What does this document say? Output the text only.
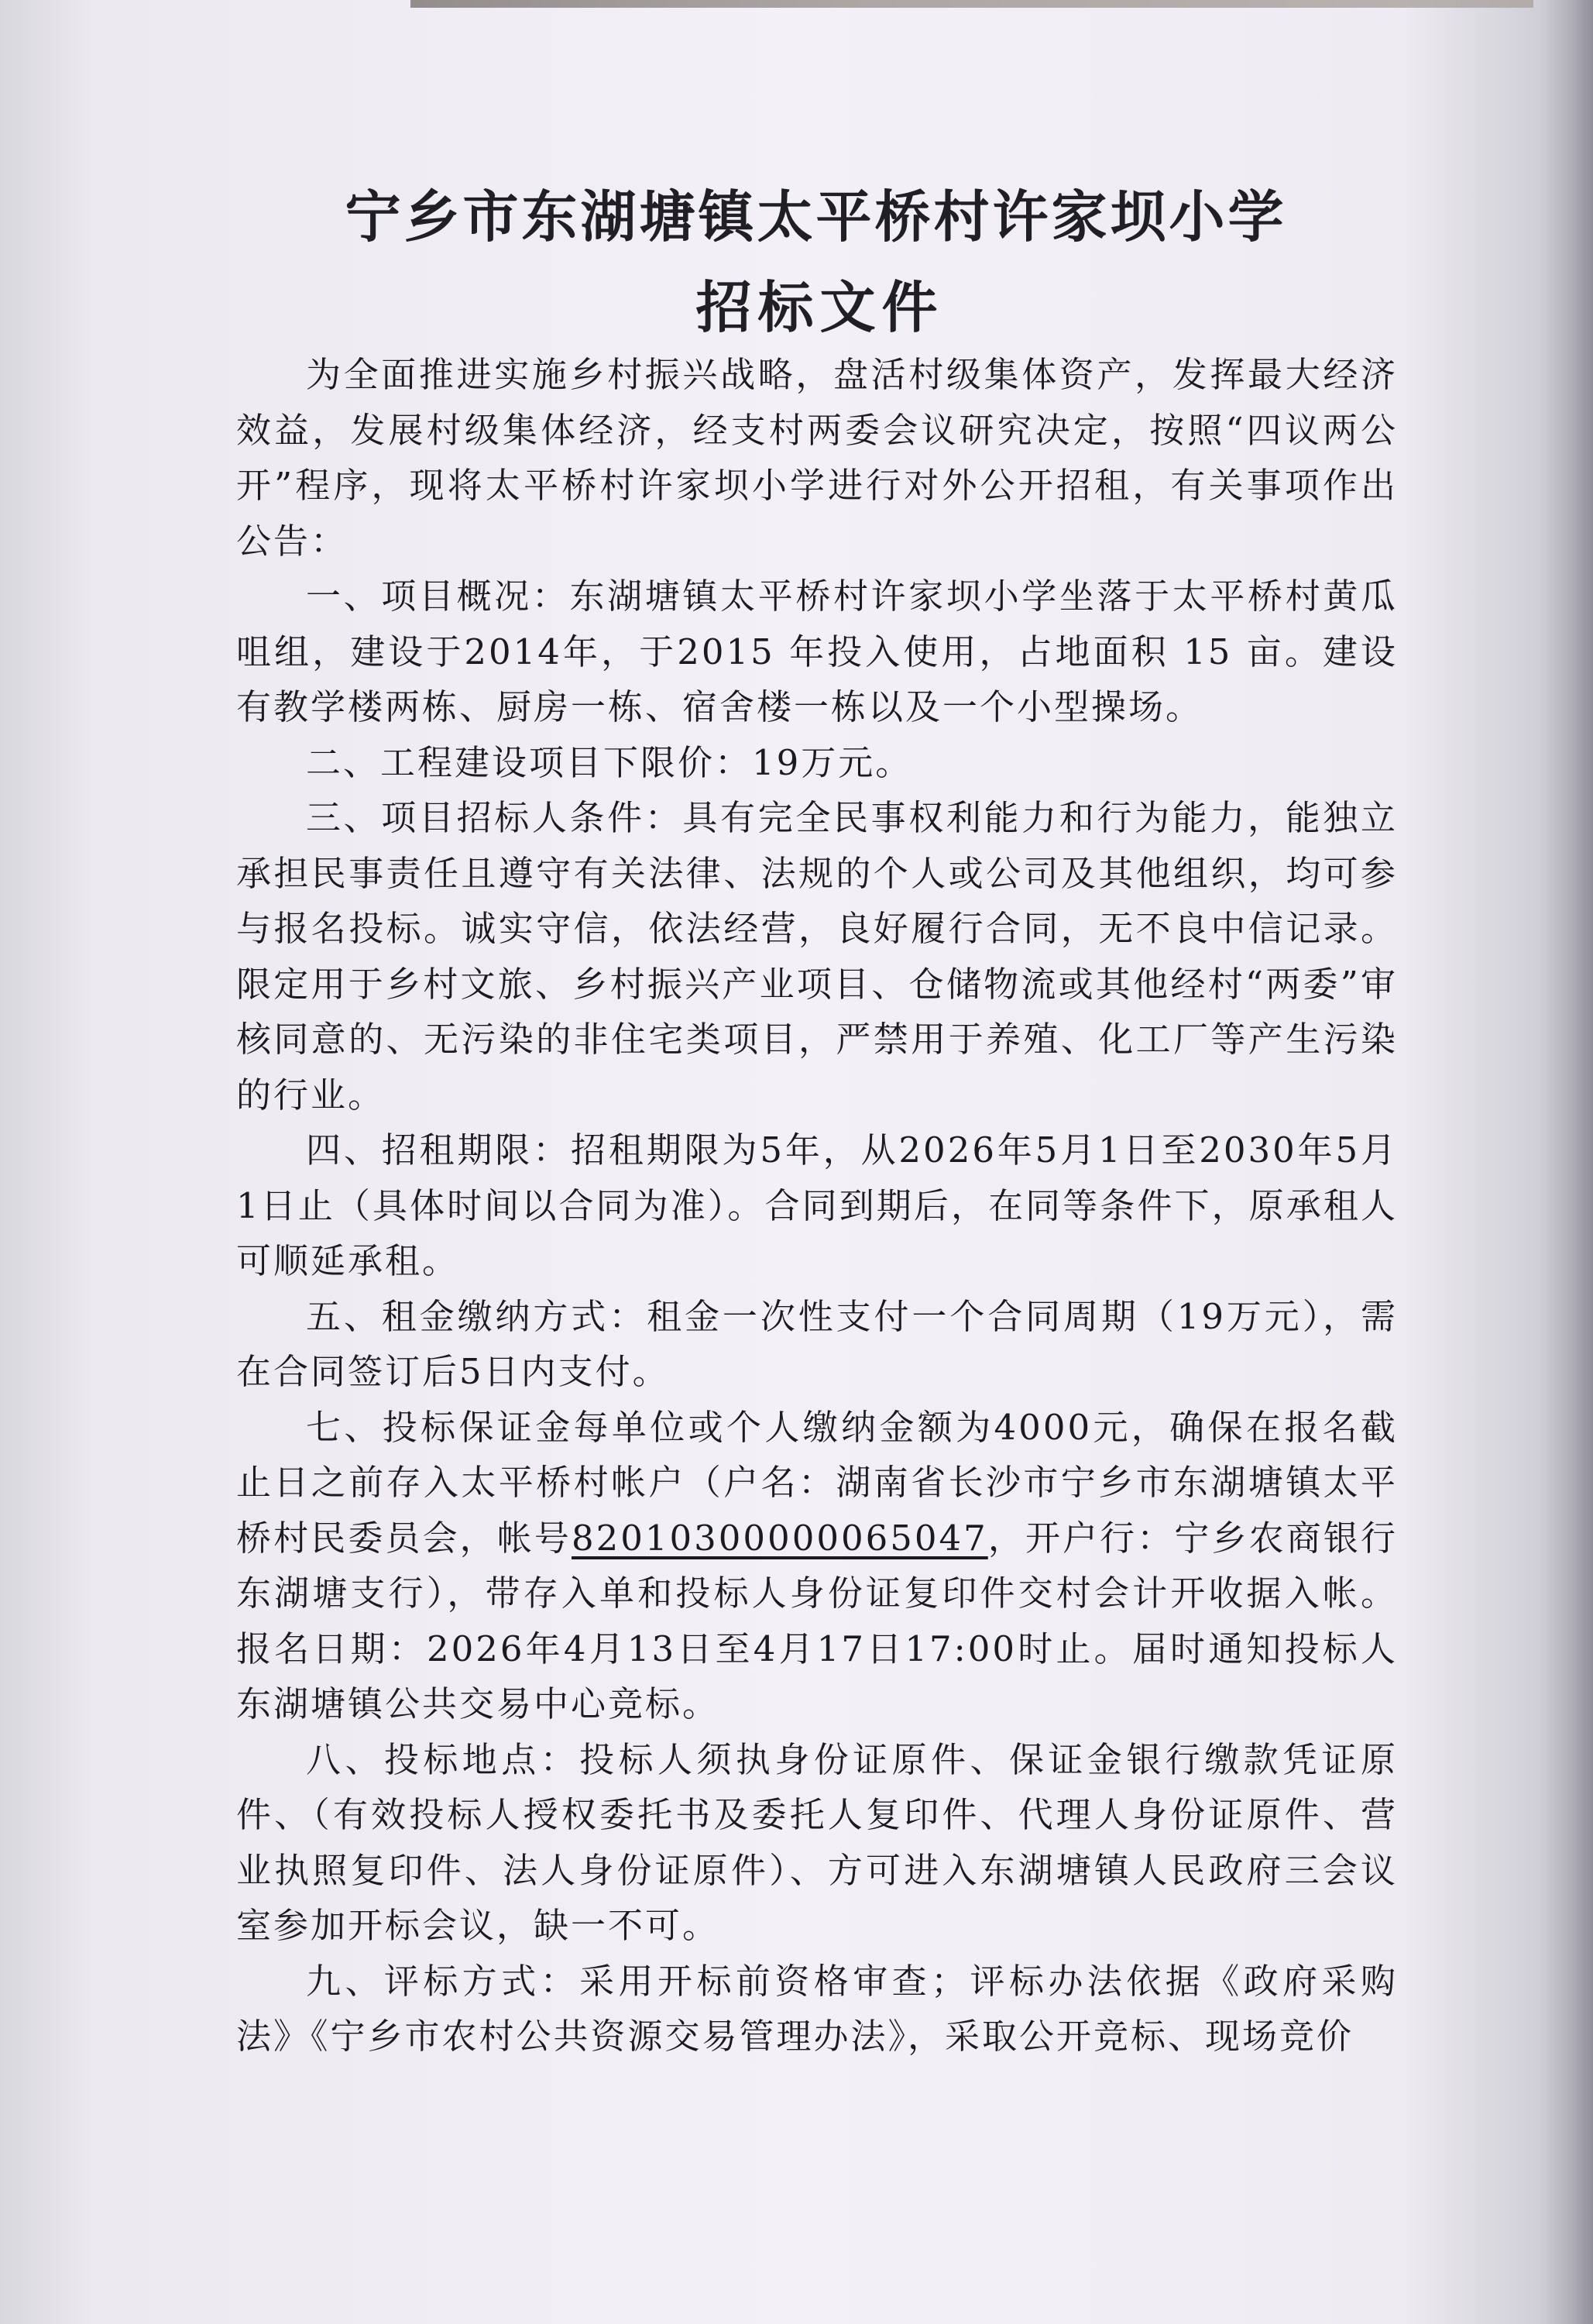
宁乡市东湖塘镇太平桥村许家坝小学
招标文件

为全面推进实施乡村振兴战略，盘活村级集体资产，发挥最大经济效益，发展村级集体经济，经支村两委会议研究决定，按照“四议两公开”程序，现将太平桥村许家坝小学进行对外公开招租，有关事项作出公告：

一、项目概况：东湖塘镇太平桥村许家坝小学坐落于太平桥村黄瓜咀组，建设于2014年，于2015 年投入使用，占地面积 15 亩。建设有教学楼两栋、厨房一栋、宿舍楼一栋以及一个小型操场。

二、工程建设项目下限价：19万元。

三、项目招标人条件：具有完全民事权利能力和行为能力，能独立承担民事责任且遵守有关法律、法规的个人或公司及其他组织，均可参与报名投标。诚实守信，依法经营，良好履行合同，无不良中信记录。限定用于乡村文旅、乡村振兴产业项目、仓储物流或其他经村“两委”审核同意的、无污染的非住宅类项目，严禁用于养殖、化工厂等产生污染的行业。

四、招租期限：招租期限为5年，从2026年5月1日至2030年5月1日止（具体时间以合同为准）。合同到期后，在同等条件下，原承租人可顺延承租。

五、租金缴纳方式：租金一次性支付一个合同周期（19万元），需在合同签订后5日内支付。

七、投标保证金每单位或个人缴纳金额为4000元，确保在报名截止日之前存入太平桥村帐户（户名：湖南省长沙市宁乡市东湖塘镇太平桥村民委员会，帐号82010300000065047，开户行：宁乡农商银行东湖塘支行），带存入单和投标人身份证复印件交村会计开收据入帐。报名日期：2026年4月13日至4月17日17:00时止。届时通知投标人东湖塘镇公共交易中心竞标。

八、投标地点：投标人须执身份证原件、保证金银行缴款凭证原件、（有效投标人授权委托书及委托人复印件、代理人身份证原件、营业执照复印件、法人身份证原件）、方可进入东湖塘镇人民政府三会议室参加开标会议，缺一不可。

九、评标方式：采用开标前资格审查；评标办法依据《政府采购法》《宁乡市农村公共资源交易管理办法》，采取公开竞标、现场竞价
